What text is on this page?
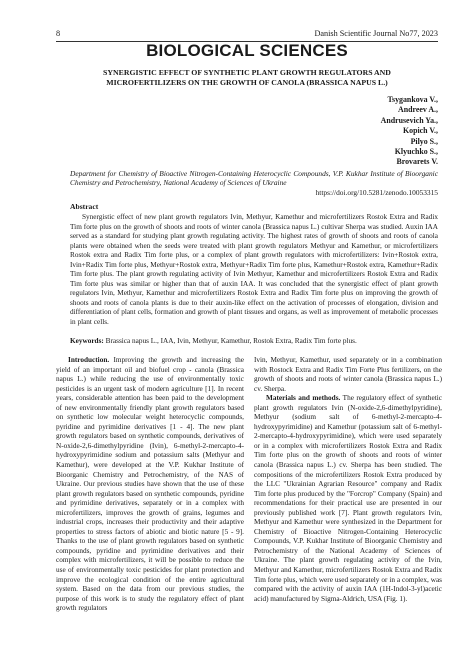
8	Danish Scientific Journal No77, 2023
BIOLOGICAL SCIENCES
SYNERGISTIC EFFECT OF SYNTHETIC PLANT GROWTH REGULATORS AND
MICROFERTILIZERS ON THE GROWTH OF CANOLA (BRASSICA NAPUS L.)
Tsygankova V.,
Andreev A.,
Andrusevich Ya.,
Kopich V.,
Pilyo S.,
Klyuchko S.,
Brovarets V.
Department for Chemistry of Bioactive Nitrogen-Containing Heterocyclic Compounds, V.P. Kukhar Institute of Bioorganic Chemistry and Petrochemistry, National Academy of Sciences of Ukraine
https://doi.org/10.5281/zenodo.10053315
Abstract

Synergistic effect of new plant growth regulators Ivin, Methyur, Kamethur and microfertilizers Rostok Extra and Radix Tim forte plus on the growth of shoots and roots of winter canola (Brassica napus L.) cultivar Sherpa was studied. Auxin IAA served as a standard for studying plant growth regulating activity. The highest rates of growth of shoots and roots of canola plants were obtained when the seeds were treated with plant growth regulators Methyur and Kamethur, or microfertilizers Rostok extra and Radix Tim forte plus, or a complex of plant growth regulators with microfertilizers: Ivin+Rostok extra, Ivin+Radix Tim forte plus, Methyur+Rostok extra, Methyur+Radix Tim forte plus, Kamethur+Rostok extra, Kamethur+Radix Tim forte plus. The plant growth regulating activity of Ivin Methyur, Kamethur and microfertilizers Rostok Extra and Radix Tim forte plus was similar or higher than that of auxin IAA. It was concluded that the synergistic effect of plant growth regulators Ivin, Methyur, Kamethur and microfertilizers Rostok Extra and Radix Tim forte plus on improving the growth of shoots and roots of canola plants is due to their auxin-like effect on the activation of processes of elongation, division and differentiation of plant cells, formation and growth of plant tissues and organs, as well as improvement of metabolic processes in plant cells.

Keywords: Brassica napus L., IAA, Ivin, Methyur, Kamethur, Rostok Extra, Radix Tim forte plus.

Introduction. Improving the growth and increasing the yield of an important oil and biofuel crop - canola (Brassica napus L.) while reducing the use of environmentally toxic pesticides is an urgent task of modern agriculture [1]. In recent years, considerable attention has been paid to the development of new environmentally friendly plant growth regulators based on synthetic low molecular weight heterocyclic compounds, pyridine and pyrimidine derivatives [1 - 4]. The new plant growth regulators based on synthetic compounds, derivatives of N-oxide-2,6-dimethylpyridine (Ivin), 6-methyl-2-mercapto-4-hydroxypyrimidine sodium and potassium salts (Methyur and Kamethur), were developed at the V.P. Kukhar Institute of Bioorganic Chemistry and Petrochemistry, of the NAS of Ukraine. Our previous studies have shown that the use of these plant growth regulators based on synthetic compounds, pyridine and pyrimidine derivatives, separately or in a complex with microfertilizers, improves the growth of grains, legumes and industrial crops, increases their productivity and their adaptive properties to stress factors of abiotic and biotic nature [5 - 9]. Thanks to the use of plant growth regulators based on synthetic compounds, pyridine and pyrimidine derivatives and their complex with microfertilizers, it will be possible to reduce the use of environmentally toxic pesticides for plant protection and improve the ecological condition of the entire agricultural system. Based on the data from our previous studies, the purpose of this work is to study the regulatory effect of plant growth regulators

Ivin, Methyur, Kamethur, used separately or in a combination with Rostock Extra and Radix Tim Forte Plus fertilizers, on the growth of shoots and roots of winter canola (Brassica napus L.) cv. Sherpa.

Materials and methods. The regulatory effect of synthetic plant growth regulators Ivin (N-oxide-2,6-dimethylpyridine), Methyur (sodium salt of 6-methyl-2-mercapto-4-hydroxypyrimidine) and Kamethur (potassium salt of 6-methyl-2-mercapto-4-hydroxypyrimidine), which were used separately or in a complex with microfertilizers Rostok Extra and Radix Tim forte plus on the growth of shoots and roots of winter canola (Brassica napus L.) cv. Sherpa has been studied. The compositions of the microfertilizers Rostok Extra produced by the LLC "Ukrainian Agrarian Resource" company and Radix Tim forte plus produced by the "Forcrop" Company (Spain) and recommendations for their practical use are presented in our previously published work [7]. Plant growth regulators Ivin, Methyur and Kamethur were synthesized in the Department for Chemistry of Bioactive Nitrogen-Containing Heterocyclic Compounds, V.P. Kukhar Institute of Bioorganic Chemistry and Petrochemistry of the National Academy of Sciences of Ukraine. The plant growth regulating activity of the Ivin, Methyur and Kamethur, microfertilizers Rostok Extra and Radix Tim forte plus, which were used separately or in a complex, was compared with the activity of auxin IAA (1H-Indol-3-yl)acetic acid) manufactured by Sigma-Aldrich, USA (Fig. 1).
